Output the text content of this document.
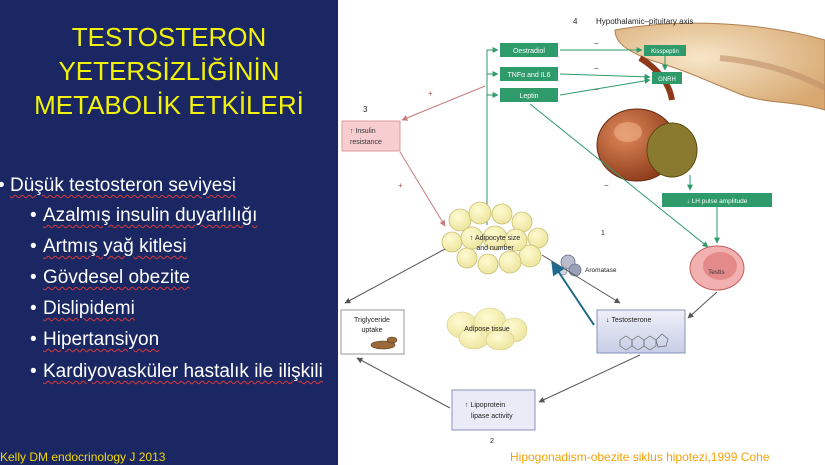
TESTOSTERON
YETERSİZLİĞİNİN
METABOLİK ETKİLERİ
• Düşük testosteron seviyesi
• Azalmış insulin duyarlılığı
• Artmış yağ kitlesi
• Gövdesel obezite
• Dislipidemi
• Hipertansiyon
• Kardiyovasküler hastalık ile ilişkili
Kelly DM endocrinology J 2013
4 Hypothalamic–pituitary axis
Kisspeptin
GNRH
Oestradiol
TNFα and IL6
Leptin
−
−
−
−
↓ LH pulse amplitude
Testis
3
↑ Insulin
resistance
+
+
↑ Adipocyte size
and number
1
Aromatase
↓ Testosterone
Triglyceride
uptake	Adipose tissue
↑ Lipoprotein
lipase activity
2
Hipogonadism-obezite siklus hipotezi,1999 Cohe
